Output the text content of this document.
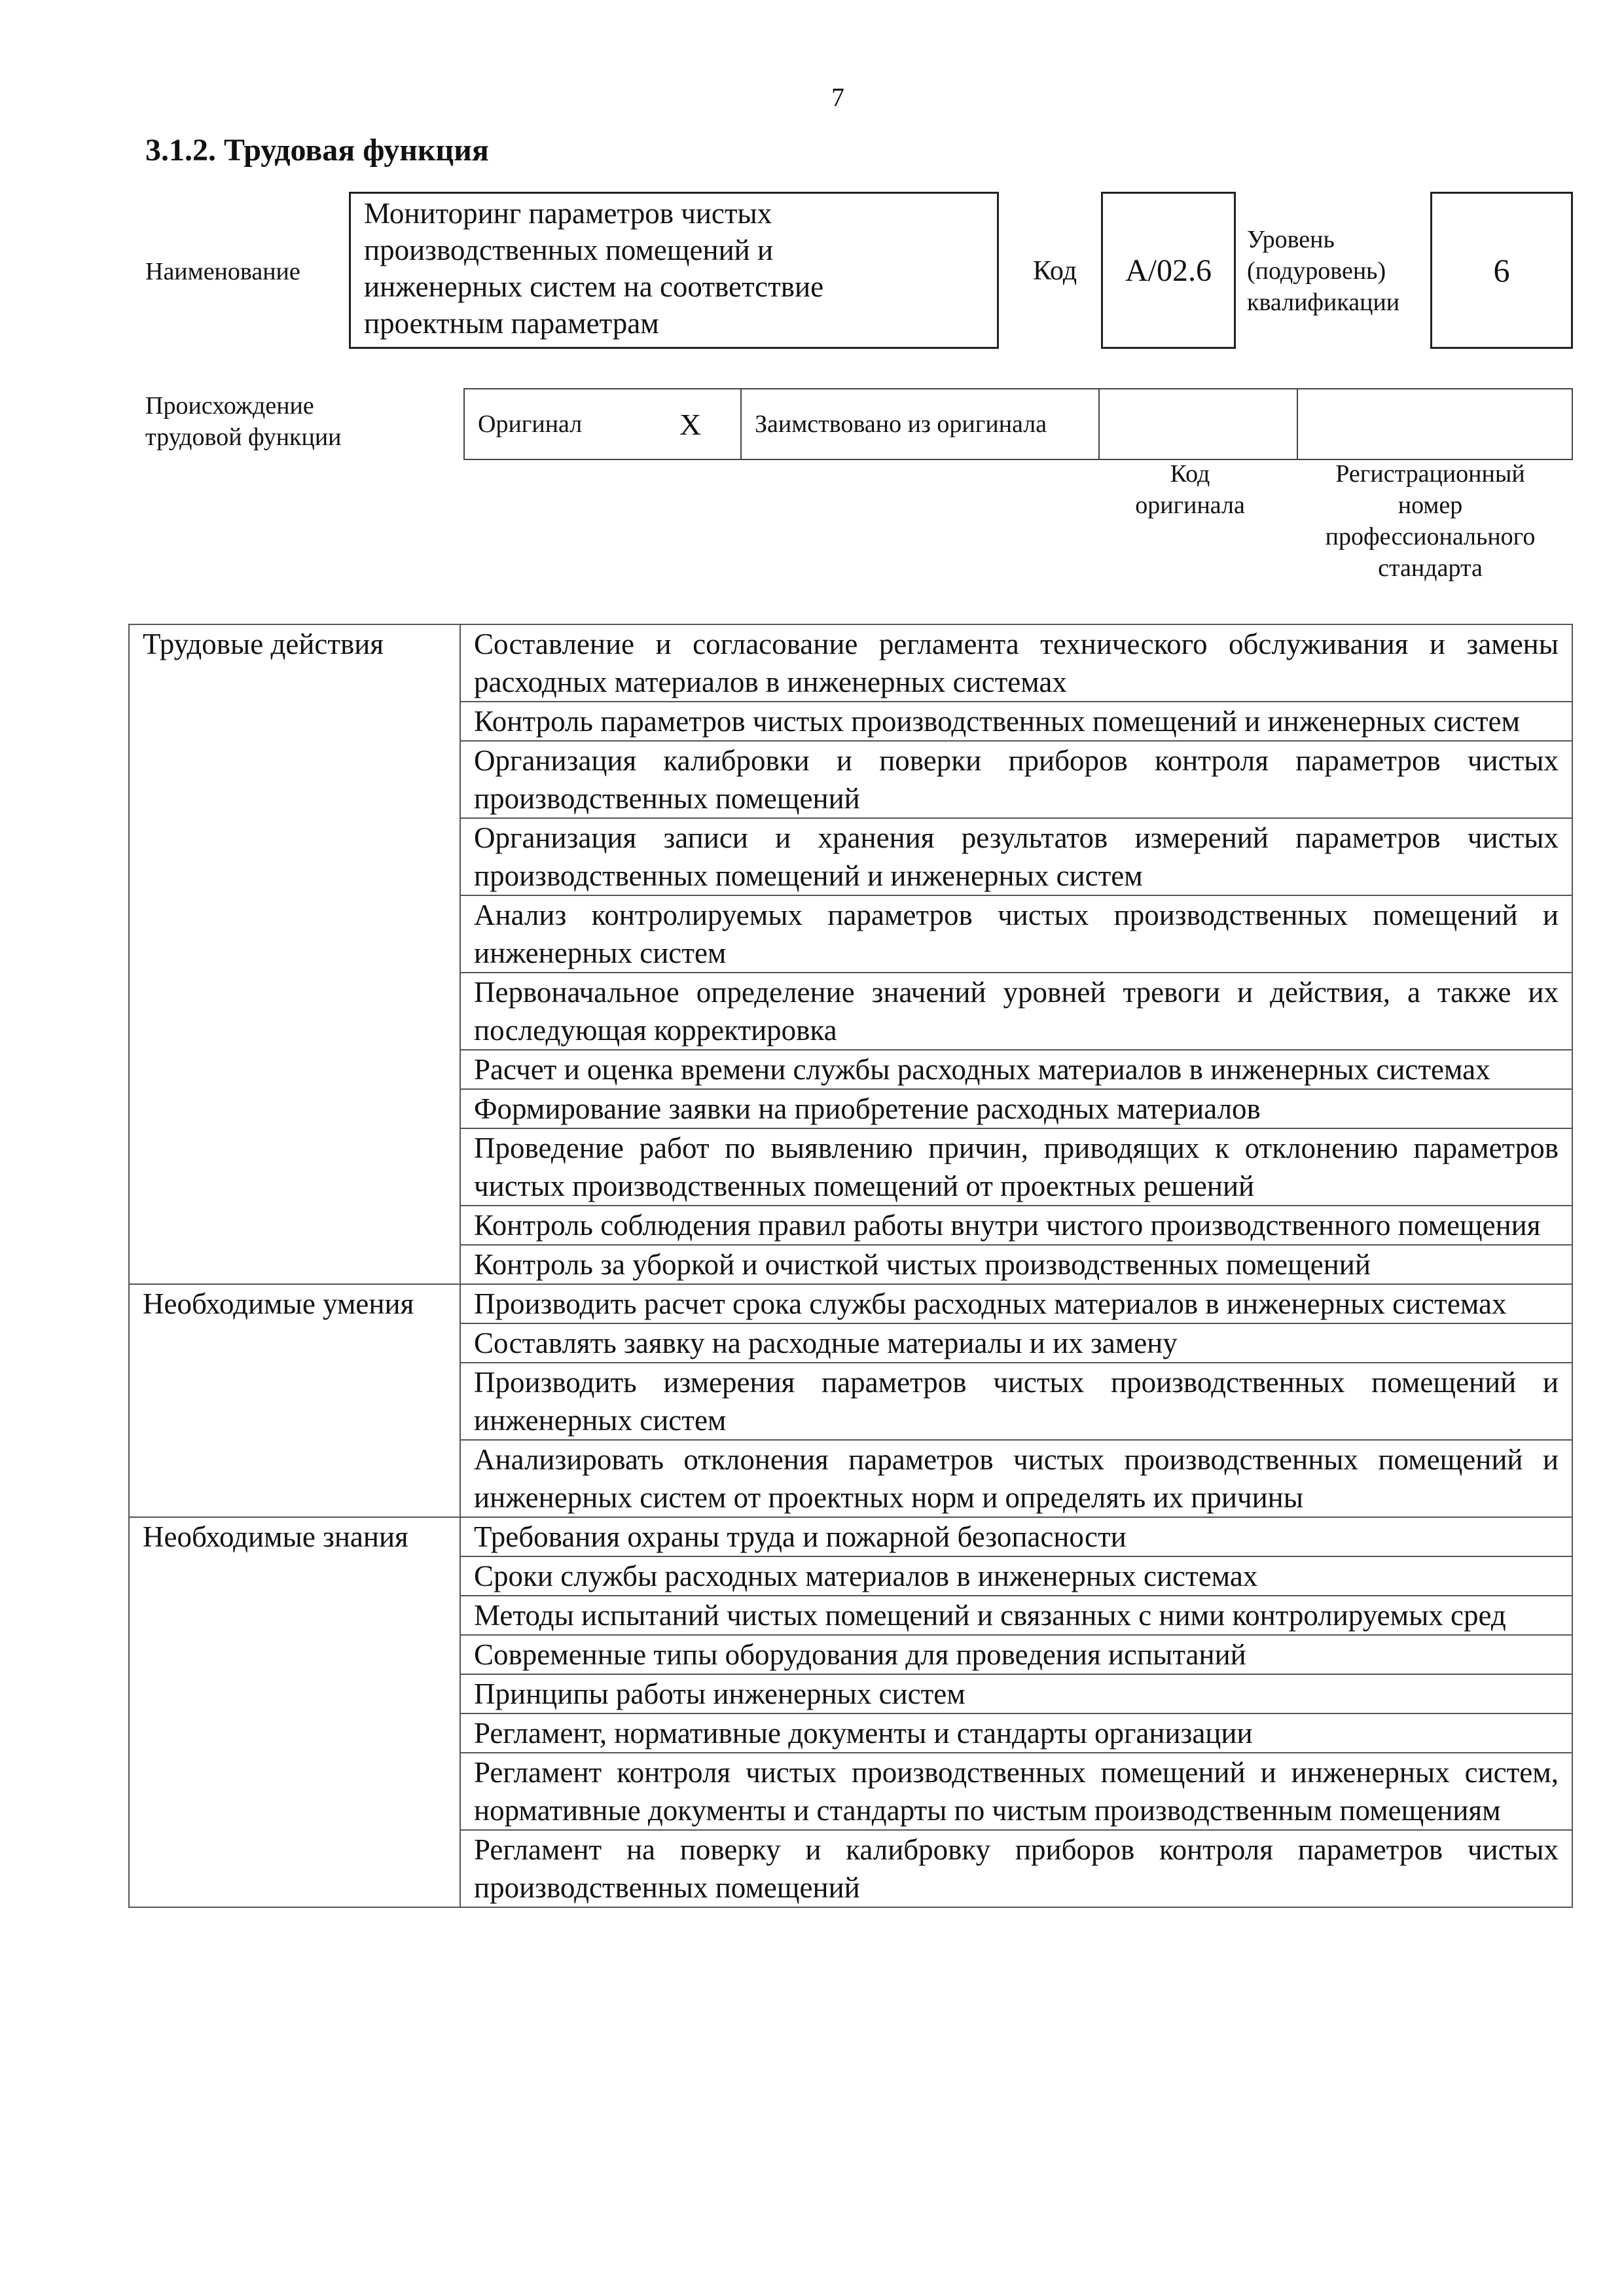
7
3.1.2. Трудовая функция
Наименование
Мониторинг параметров чистых
производственных помещений и
инженерных систем на соответствие
проектным параметрам
Код A/02.6
Уровень
(подуровень)
квалификации
6
Происхождение
трудовой функции	Оригинал	X Заимствовано из оригинала
Код
оригинала
Регистрационный
номер
профессионального
стандарта
Трудовые действия	Составление и согласование регламента технического обслуживания и замены расходных материалов в инженерных системах
	Контроль параметров чистых производственных помещений и инженерных систем
	Организация калибровки и поверки приборов контроля параметров чистых производственных помещений
	Организация записи и хранения результатов измерений параметров чистых производственных помещений и инженерных систем
	Анализ контролируемых параметров чистых производственных помещений и инженерных систем
	Первоначальное определение значений уровней тревоги и действия, а также их последующая корректировка
	Расчет и оценка времени службы расходных материалов в инженерных системах
	Формирование заявки на приобретение расходных материалов
	Проведение работ по выявлению причин, приводящих к отклонению параметров чистых производственных помещений от проектных решений
	Контроль соблюдения правил работы внутри чистого производственного помещения
	Контроль за уборкой и очисткой чистых производственных помещений
Необходимые умения	Производить расчет срока службы расходных материалов в инженерных системах
	Составлять заявку на расходные материалы и их замену
	Производить измерения параметров чистых производственных помещений и инженерных систем
	Анализировать отклонения параметров чистых производственных помещений и инженерных систем от проектных норм и определять их причины
Необходимые знания	Требования охраны труда и пожарной безопасности
	Сроки службы расходных материалов в инженерных системах
	Методы испытаний чистых помещений и связанных с ними контролируемых сред
	Современные типы оборудования для проведения испытаний
	Принципы работы инженерных систем
	Регламент, нормативные документы и стандарты организации
	Регламент контроля чистых производственных помещений и инженерных систем, нормативные документы и стандарты по чистым производственным помещениям
	Регламент на поверку и калибровку приборов контроля параметров чистых производственных помещений
